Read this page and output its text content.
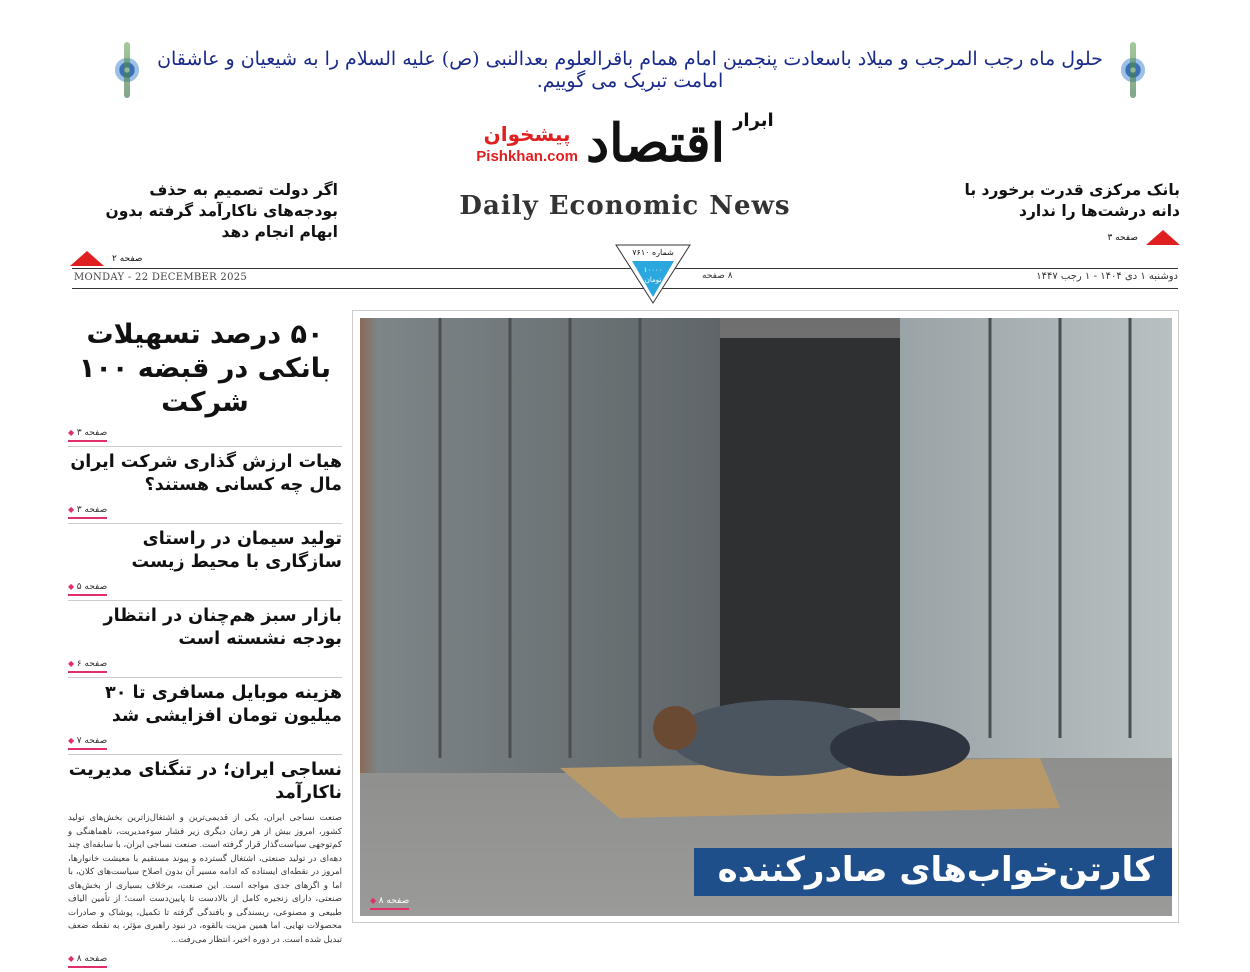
حلول ماه رجب المرجب و میلاد باسعادت پنجمین امام همام باقرالعلوم بعدالنبی (ص) علیه السلام را به شیعیان و عاشقان امامت تبریک می گوییم.
پیشخوان
Pishkhan.com اقتصاد ابرار
Daily Economic News
اگر دولت تصمیم به حذف بودجه‌های ناکارآمد گرفته بدون ابهام انجام دهد
صفحه ۲
بانک مرکزی قدرت برخورد با دانه درشت‌ها را ندارد
صفحه ۳
MONDAY - 22 DECEMBER 2025	دوشنبه ۱ دی ۱۴۰۴ - ۱ رجب ۱۴۴۷
۸ صفحه
شماره ۷۶۱۰
۱۰۰۰۰ تومان
۵۰ درصد تسهیلات بانکی در قبضه ۱۰۰ شرکت
◆ صفحه ۳
هیات ارزش گذاری شرکت ایران مال چه کسانی هستند؟
◆ صفحه ۳
تولید سیمان در راستای سازگاری با محیط زیست
◆ صفحه ۵
بازار سبز هم‌چنان در انتظار بودجه نشسته است
◆ صفحه ۶
هزینه موبایل مسافری تا ۳۰ میلیون تومان افزایشی شد
◆ صفحه ۷
نساجی ایران؛ در تنگنای مدیریت ناکارآمد

صنعت نساجی ایران، یکی از قدیمی‌ترین و اشتغال‌زاترین بخش‌های تولید کشور، امروز بیش از هر زمان دیگری زیر فشار سوءمدیریت، ناهماهنگی و کم‌توجهی سیاست‌گذار قرار گرفته است. صنعت نساجی ایران، با سابقه‌ای چند دهه‌ای در تولید صنعتی، اشتغال گسترده و پیوند مستقیم با معیشت خانوارها، امروز در نقطه‌ای ایستاده که ادامه مسیر آن بدون اصلاح سیاست‌های کلان، با اما و اگرهای جدی مواجه است. این صنعت، برخلاف بسیاری از بخش‌های صنعتی، دارای زنجیره کامل از بالادست تا پایین‌دست است؛ از تأمین الیاف طبیعی و مصنوعی، ریسندگی و بافندگی گرفته تا تکمیل، پوشاک و صادرات محصولات نهایی. اما همین مزیت بالقوه، در نبود راهبری مؤثر، به نقطه ضعف تبدیل شده است. در دوره اخیر، انتظار می‌رفت...

◆ صفحه ۸
کارتن‌خواب‌های صادرکننده
◆ صفحه ۸
